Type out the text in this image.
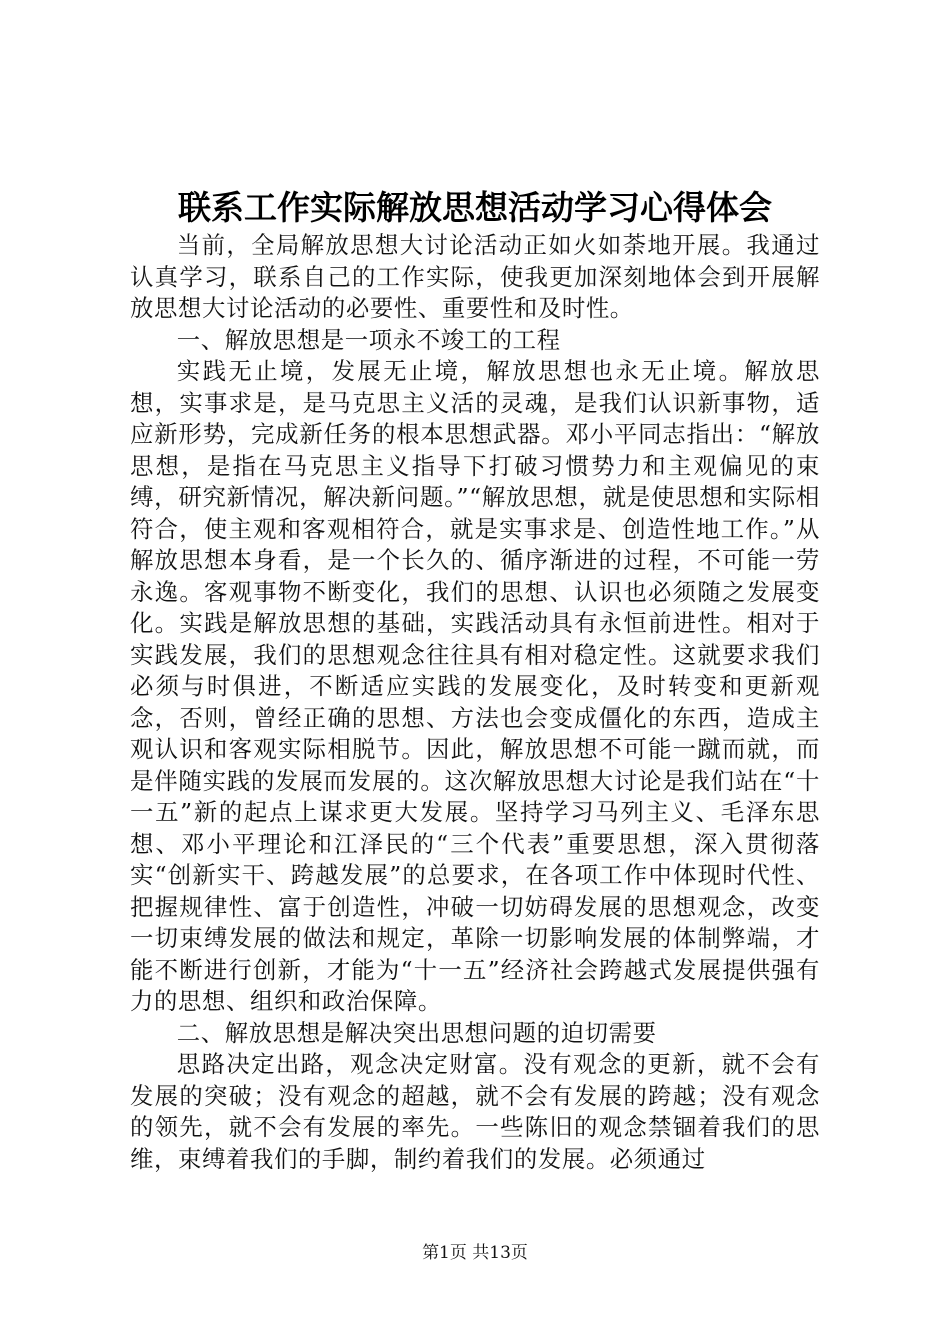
联系工作实际解放思想活动学习心得体会

当前，全局解放思想大讨论活动正如火如荼地开展。我通过认真学习，联系自己的工作实际，使我更加深刻地体会到开展解放思想大讨论活动的必要性、重要性和及时性。

一、解放思想是一项永不竣工的工程

实践无止境，发展无止境，解放思想也永无止境。解放思想，实事求是，是马克思主义活的灵魂，是我们认识新事物，适应新形势，完成新任务的根本思想武器。邓小平同志指出：“解放思想，是指在马克思主义指导下打破习惯势力和主观偏见的束缚，研究新情况，解决新问题。”“解放思想，就是使思想和实际相符合，使主观和客观相符合，就是实事求是、创造性地工作。”从解放思想本身看，是一个长久的、循序渐进的过程，不可能一劳永逸。客观事物不断变化，我们的思想、认识也必须随之发展变化。实践是解放思想的基础，实践活动具有永恒前进性。相对于实践发展，我们的思想观念往往具有相对稳定性。这就要求我们必须与时俱进，不断适应实践的发展变化，及时转变和更新观念，否则，曾经正确的思想、方法也会变成僵化的东西，造成主观认识和客观实际相脱节。因此，解放思想不可能一蹴而就，而是伴随实践的发展而发展的。这次解放思想大讨论是我们站在“十一五”新的起点上谋求更大发展。坚持学习马列主义、毛泽东思想、邓小平理论和江泽民的“三个代表”重要思想，深入贯彻落实“创新实干、跨越发展”的总要求，在各项工作中体现时代性、把握规律性、富于创造性，冲破一切妨碍发展的思想观念，改变一切束缚发展的做法和规定，革除一切影响发展的体制弊端，才能不断进行创新，才能为“十一五”经济社会跨越式发展提供强有力的思想、组织和政治保障。

二、解放思想是解决突出思想问题的迫切需要

思路决定出路，观念决定财富。没有观念的更新，就不会有发展的突破；没有观念的超越，就不会有发展的跨越；没有观念的领先，就不会有发展的率先。一些陈旧的观念禁锢着我们的思维，束缚着我们的手脚，制约着我们的发展。必须通过

第1页 共13页
